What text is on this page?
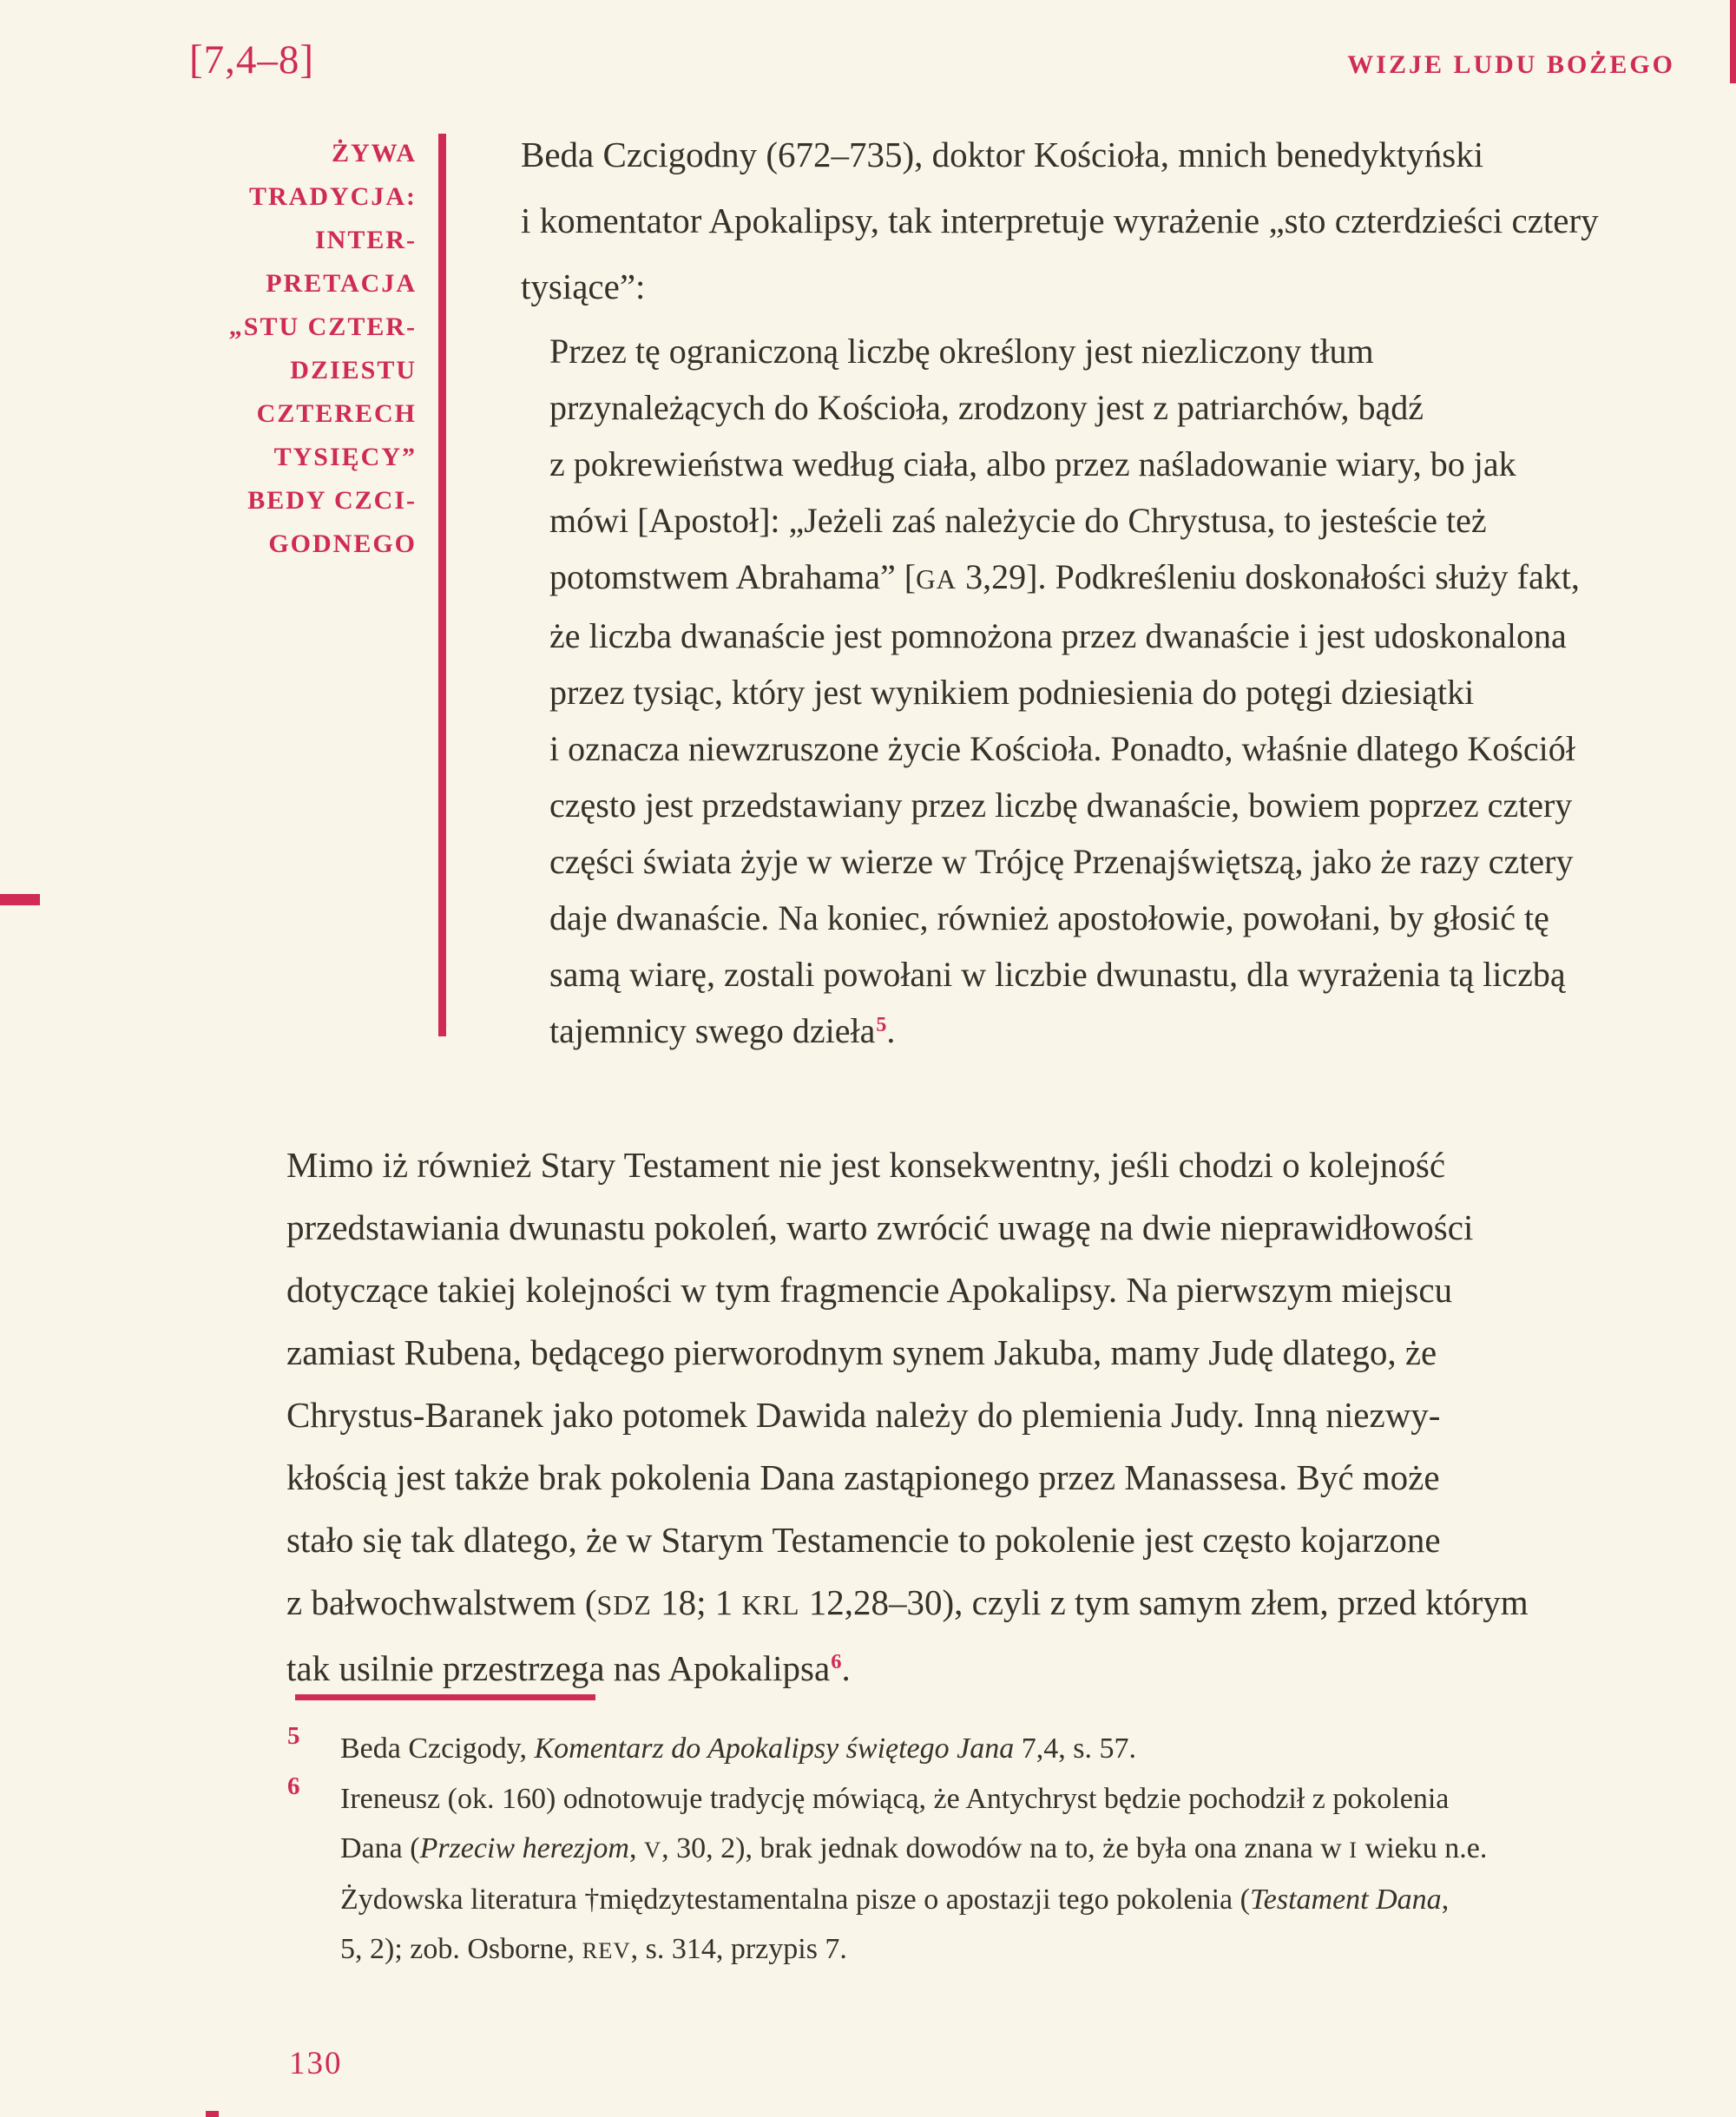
[7,4–8]	WIZJE LUDU BOŻEGO
ŻYWA
TRADYCJA:
INTER-
PRETACJA
„STU CZTER-
DZIESTU
CZTERECH
TYSIĘCY”
BEDY CZCI-
GODNEGO
Beda Czcigodny (672–735), doktor Kościoła, mnich benedyktyński
i komentator Apokalipsy, tak interpretuje wyrażenie „sto czterdzieści cztery
tysiące”:
Przez tę ograniczoną liczbę określony jest niezliczony tłum
przynależących do Kościoła, zrodzony jest z patriarchów, bądź
z pokrewieństwa według ciała, albo przez naśladowanie wiary, bo jak
mówi [Apostoł]: „Jeżeli zaś należycie do Chrystusa, to jesteście też
potomstwem Abrahama” [GA 3,29]. Podkreśleniu doskonałości służy fakt,
że liczba dwanaście jest pomnożona przez dwanaście i jest udoskonalona
przez tysiąc, który jest wynikiem podniesienia do potęgi dziesiątki
i oznacza niewzruszone życie Kościoła. Ponadto, właśnie dlatego Kościół
często jest przedstawiany przez liczbę dwanaście, bowiem poprzez cztery
części świata żyje w wierze w Trójcę Przenajświętszą, jako że razy cztery
daje dwanaście. Na koniec, również apostołowie, powołani, by głosić tę
samą wiarę, zostali powołani w liczbie dwunastu, dla wyrażenia tą liczbą
tajemnicy swego dzieła$^5$.
Mimo iż również Stary Testament nie jest konsekwentny, jeśli chodzi o kolejność
przedstawiania dwunastu pokoleń, warto zwrócić uwagę na dwie nieprawidłowości
dotyczące takiej kolejności w tym fragmencie Apokalipsy. Na pierwszym miejscu
zamiast Rubena, będącego pierworodnym synem Jakuba, mamy Judę dlatego, że
Chrystus-Baranek jako potomek Dawida należy do plemienia Judy. Inną niezwy-
kłością jest także brak pokolenia Dana zastąpionego przez Manassesa. Być może
stało się tak dlatego, że w Starym Testamencie to pokolenie jest często kojarzone
z bałwochwalstwem (SDZ 18; 1 KRL 12,28–30), czyli z tym samym złem, przed którym
tak usilnie przestrzega nas Apokalipsa$^6$.
5 Beda Czcigody, Komentarz do Apokalipsy świętego Jana 7,4, s. 57.
6 Ireneusz (ok. 160) odnotowuje tradycję mówiącą, że Antychryst będzie pochodził z pokolenia
Dana (Przeciw herezjom, V, 30, 2), brak jednak dowodów na to, że była ona znana w I wieku n.e.
Żydowska literatura †międzytestamentalna pisze o apostazji tego pokolenia (Testament Dana,
5, 2); zob. Osborne, REV, s. 314, przypis 7.
130
